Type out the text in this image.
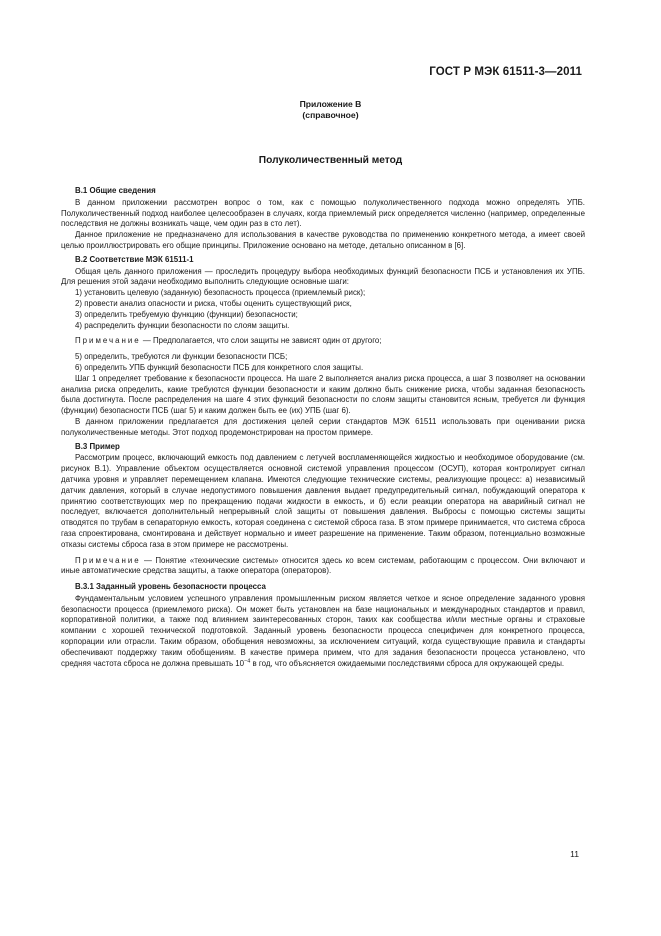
ГОСТ Р МЭК 61511-3—2011
Приложение В
(справочное)
Полуколичественный метод

В.1 Общие сведения

В данном приложении рассмотрен вопрос о том, как с помощью полуколичественного подхода можно определять УПБ. Полуколичественный подход наиболее целесообразен в случаях, когда приемлемый риск определяется численно (например, определенные последствия не должны возникать чаще, чем один раз в сто лет).

Данное приложение не предназначено для использования в качестве руководства по применению конкретного метода, а имеет своей целью проиллюстрировать его общие принципы. Приложение основано на методе, детально описанном в [6].

В.2 Соответствие МЭК 61511-1

Общая цель данного приложения — проследить процедуру выбора необходимых функций безопасности ПСБ и установления их УПБ. Для решения этой задачи необходимо выполнить следующие основные шаги:

1) установить целевую (заданную) безопасность процесса (приемлемый риск);

2) провести анализ опасности и риска, чтобы оценить существующий риск,

3) определить требуемую функцию (функции) безопасности;

4) распределить функции безопасности по слоям защиты.

Примечание — Предполагается, что слои защиты не зависят один от другого;

5) определить, требуются ли функции безопасности ПСБ;

6) определить УПБ функций безопасности ПСБ для конкретного слоя защиты.

Шаг 1 определяет требование к безопасности процесса. На шаге 2 выполняется анализ риска процесса, а шаг 3 позволяет на основании анализа риска определить, какие требуются функции безопасности и каким должно быть снижение риска, чтобы заданная безопасность была достигнута. После распределения на шаге 4 этих функций безопасности по слоям защиты становится ясным, требуется ли функция (функции) безопасности ПСБ (шаг 5) и каким должен быть ее (их) УПБ (шаг 6).

В данном приложении предлагается для достижения целей серии стандартов МЭК 61511 использовать при оценивании риска полуколичественные методы. Этот подход продемонстрирован на простом примере.

В.3 Пример

Рассмотрим процесс, включающий емкость под давлением с летучей воспламеняющейся жидкостью и необходимое оборудование (см. рисунок В.1). Управление объектом осуществляется основной системой управления процессом (ОСУП), которая контролирует сигнал датчика уровня и управляет перемещением клапана. Имеются следующие технические системы, реализующие процесс: а) независимый датчик давления, который в случае недопустимого повышения давления выдает предупредительный сигнал, побуждающий оператора к принятию соответствующих мер по прекращению подачи жидкости в емкость, и б) если реакции оператора на аварийный сигнал не последует, включается дополнительный непрерывный слой защиты от повышения давления. Выбросы с помощью системы защиты отводятся по трубам в сепараторную емкость, которая соединена с системой сброса газа. В этом примере принимается, что система сброса газа спроектирована, смонтирована и действует нормально и имеет разрешение на применение. Таким образом, потенциально возможные отказы системы сброса газа в этом примере не рассмотрены.

Примечание — Понятие «технические системы» относится здесь ко всем системам, работающим с процессом. Они включают и иные автоматические средства защиты, а также оператора (операторов).

В.3.1 Заданный уровень безопасности процесса

Фундаментальным условием успешного управления промышленным риском является четкое и ясное определение заданного уровня безопасности процесса (приемлемого риска). Он может быть установлен на базе национальных и международных стандартов и правил, корпоративной политики, а также под влиянием заинтересованных сторон, таких как сообщества и/или местные органы и страховые компании с хорошей технической подготовкой. Заданный уровень безопасности процесса специфичен для конкретного процесса, корпорации или отрасли. Таким образом, обобщения невозможны, за исключением ситуаций, когда существующие правила и стандарты обеспечивают поддержку таким обобщениям. В качестве примера примем, что для задания безопасности процесса установлено, что средняя частота сброса не должна превышать $10^{-4}$ в год, что объясняется ожидаемыми последствиями сброса для окружающей среды.

11
